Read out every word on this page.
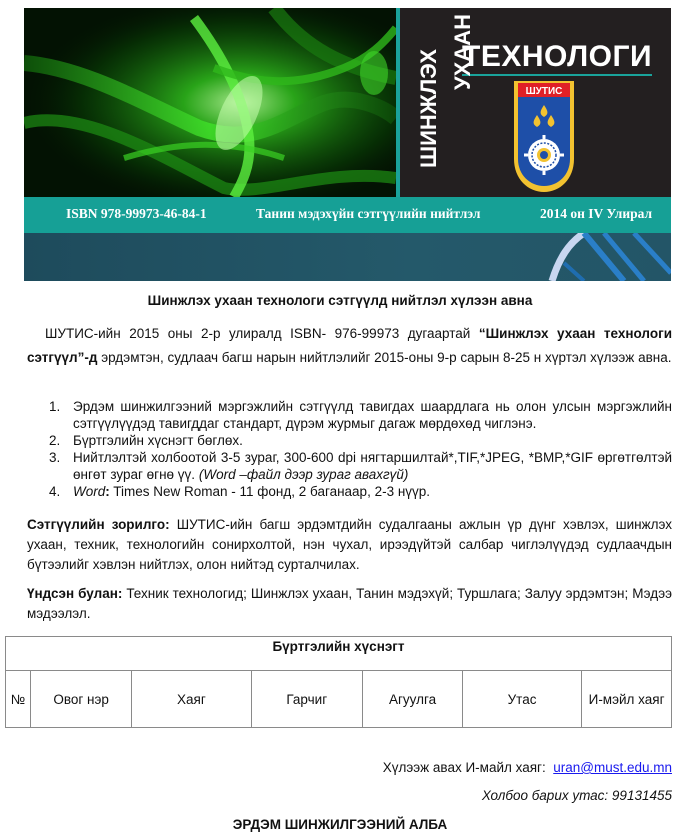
ШИНЖЛЭХ ТЕХНОЛОГИ
УХААН
ШУТИС
ISBN 978-99973-46-84-1	Танин мэдэхүйн сэтгүүлийн нийтлэл	2014 он IV Улирал
Шинжлэх ухаан технологи сэтгүүлд нийтлэл хүлээн авна
ШУТИС-ийн 2015 оны 2-р улиралд ISBN- 976-99973 дугаартай “Шинжлэх ухаан технологи сэтгүүл”-д эрдэмтэн, судлаач багш нарын нийтлэлийг 2015-оны 9-р сарын 8-25 н хүртэл хүлээж авна.
1. Эрдэм шинжилгээний мэргэжлийн сэтгүүлд тавигдах шаардлага нь олон улсын мэргэжлийн сэтгүүлүүдэд тавигддаг стандарт, дүрэм журмыг дагаж мөрдөхөд чиглэнэ.
2. Бүртгэлийн хүснэгт бөглөх.
3. Нийтлэлтэй холбоотой 3-5 зураг, 300-600 dpi нягтаршилтай*,TIF,*JPEG, *BMP,*GIF өргөтгөлтэй өнгөт зураг өгнө үү. (Word –файл дээр зураг авахгүй)
4. Word: Times New Roman - 11 фонд, 2 баганаар, 2-3 нүүр.
Сэтгүүлийн зорилго: ШУТИС-ийн багш эрдэмтдийн судалгааны ажлын үр дүнг хэвлэх, шинжлэх ухаан, техник, технологийн сонирхолтой, нэн чухал, ирээдүйтэй салбар чиглэлүүдэд судлаачдын бүтээлийг хэвлэн нийтлэх, олон нийтэд сурталчилах.
Үндсэн булан: Техник технологид; Шинжлэх ухаан, Танин мэдэхүй; Туршлага; Залуу эрдэмтэн; Мэдээ мэдээлэл.
Бүртгэлийн хүснэгт
№	Овог нэр	Хаяг	Гарчиг	Агуулга	Утас	И-мэйл хаяг
Хүлээж авах И-майл хаяг: uran@must.edu.mn
Холбоо барих утас: 99131455
ЭРДЭМ ШИНЖИЛГЭЭНИЙ АЛБА
